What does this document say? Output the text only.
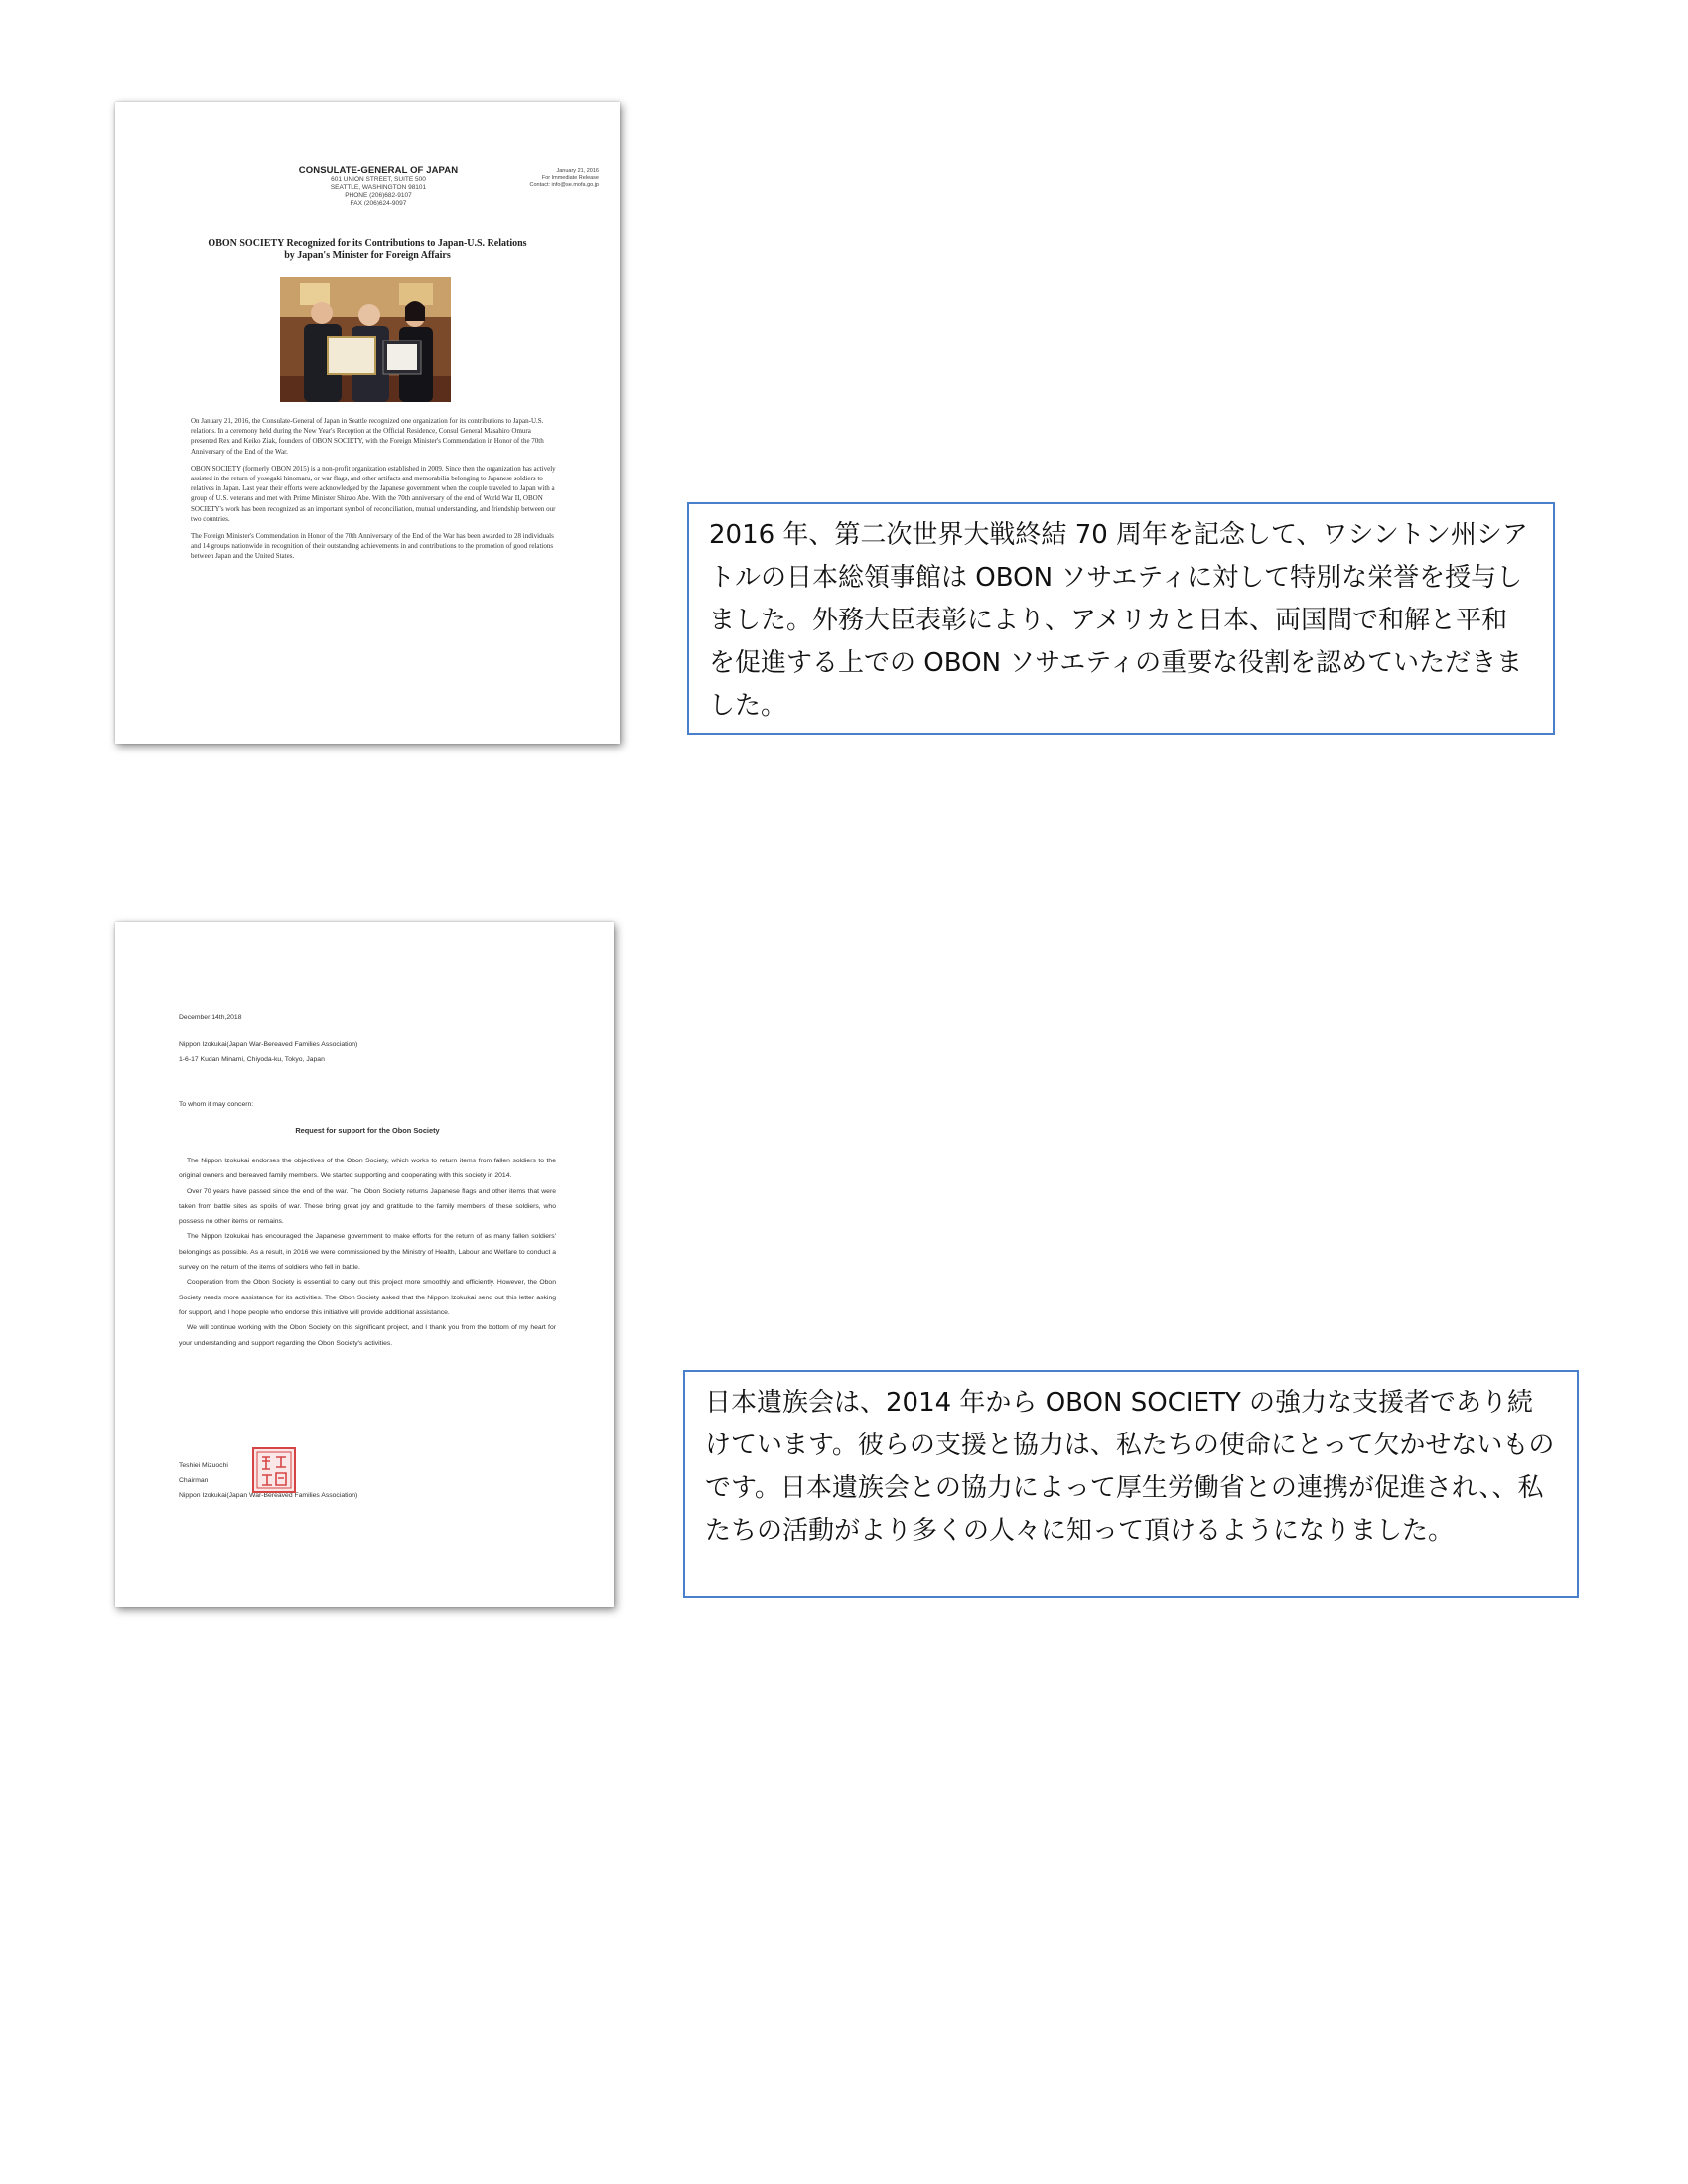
CONSULATE-GENERAL OF JAPAN
601 UNION STREET, SUITE 500
SEATTLE, WASHINGTON 98101
PHONE (206)682-9107
FAX (206)624-9097
January 21, 2016
For Immediate Release
Contact: info@se.mofa.go.jp
OBON SOCIETY Recognized for its Contributions to Japan-U.S. Relations
by Japan's Minister for Foreign Affairs

On January 21, 2016, the Consulate-General of Japan in Seattle recognized one organization for its contributions to Japan-U.S. relations. In a ceremony held during the New Year's Reception at the Official Residence, Consul General Masahiro Omura presented Rex and Keiko Ziak, founders of OBON SOCIETY, with the Foreign Minister's Commendation in Honor of the 70th Anniversary of the End of the War.

OBON SOCIETY (formerly OBON 2015) is a non-profit organization established in 2009. Since then the organization has actively assisted in the return of yosegaki hinomaru, or war flags, and other artifacts and memorabilia belonging to Japanese soldiers to relatives in Japan. Last year their efforts were acknowledged by the Japanese government when the couple traveled to Japan with a group of U.S. veterans and met with Prime Minister Shinzo Abe. With the 70th anniversary of the end of World War II, OBON SOCIETY's work has been recognized as an important symbol of reconciliation, mutual understanding, and friendship between our two countries.

The Foreign Minister's Commendation in Honor of the 70th Anniversary of the End of the War has been awarded to 28 individuals and 14 groups nationwide in recognition of their outstanding achievements in and contributions to the promotion of good relations between Japan and the United States.

2016 年、第二次世界大戦終結 70 周年を記念して、ワシントン州シアトルの日本総領事館は OBON ソサエティに対して特別な栄誉を授与しました。外務大臣表彰により、アメリカと日本、両国間で和解と平和を促進する上での OBON ソサエティの重要な役割を認めていただきました。
December 14th,2018
Nippon Izokukai(Japan War-Bereaved Families Association)
1-6-17 Kudan Minami, Chiyoda-ku, Tokyo, Japan
To whom it may concern:
Request for support for the Obon Society

The Nippon Izokukai endorses the objectives of the Obon Society, which works to return items from fallen soldiers to the original owners and bereaved family members. We started supporting and cooperating with this society in 2014.

Over 70 years have passed since the end of the war. The Obon Society returns Japanese flags and other items that were taken from battle sites as spoils of war. These bring great joy and gratitude to the family members of these soldiers, who possess no other items or remains.

The Nippon Izokukai has encouraged the Japanese government to make efforts for the return of as many fallen soldiers' belongings as possible. As a result, in 2016 we were commissioned by the Ministry of Health, Labour and Welfare to conduct a survey on the return of the items of soldiers who fell in battle.

Cooperation from the Obon Society is essential to carry out this project more smoothly and efficiently. However, the Obon Society needs more assistance for its activities. The Obon Society asked that the Nippon Izokukai send out this letter asking for support, and I hope people who endorse this initiative will provide additional assistance.

We will continue working with the Obon Society on this significant project, and I thank you from the bottom of my heart for your understanding and support regarding the Obon Society's activities.

Teshiei Mizuochi
Chairman
Nippon Izokukai(Japan War-Bereaved Families Association)
日本遺族会は、2014 年から OBON SOCIETY の強力な支援者であり続けています。彼らの支援と協力は、私たちの使命にとって欠かせないものです。日本遺族会との協力によって厚生労働省との連携が促進され、、私たちの活動がより多くの人々に知って頂けるようになりました。
